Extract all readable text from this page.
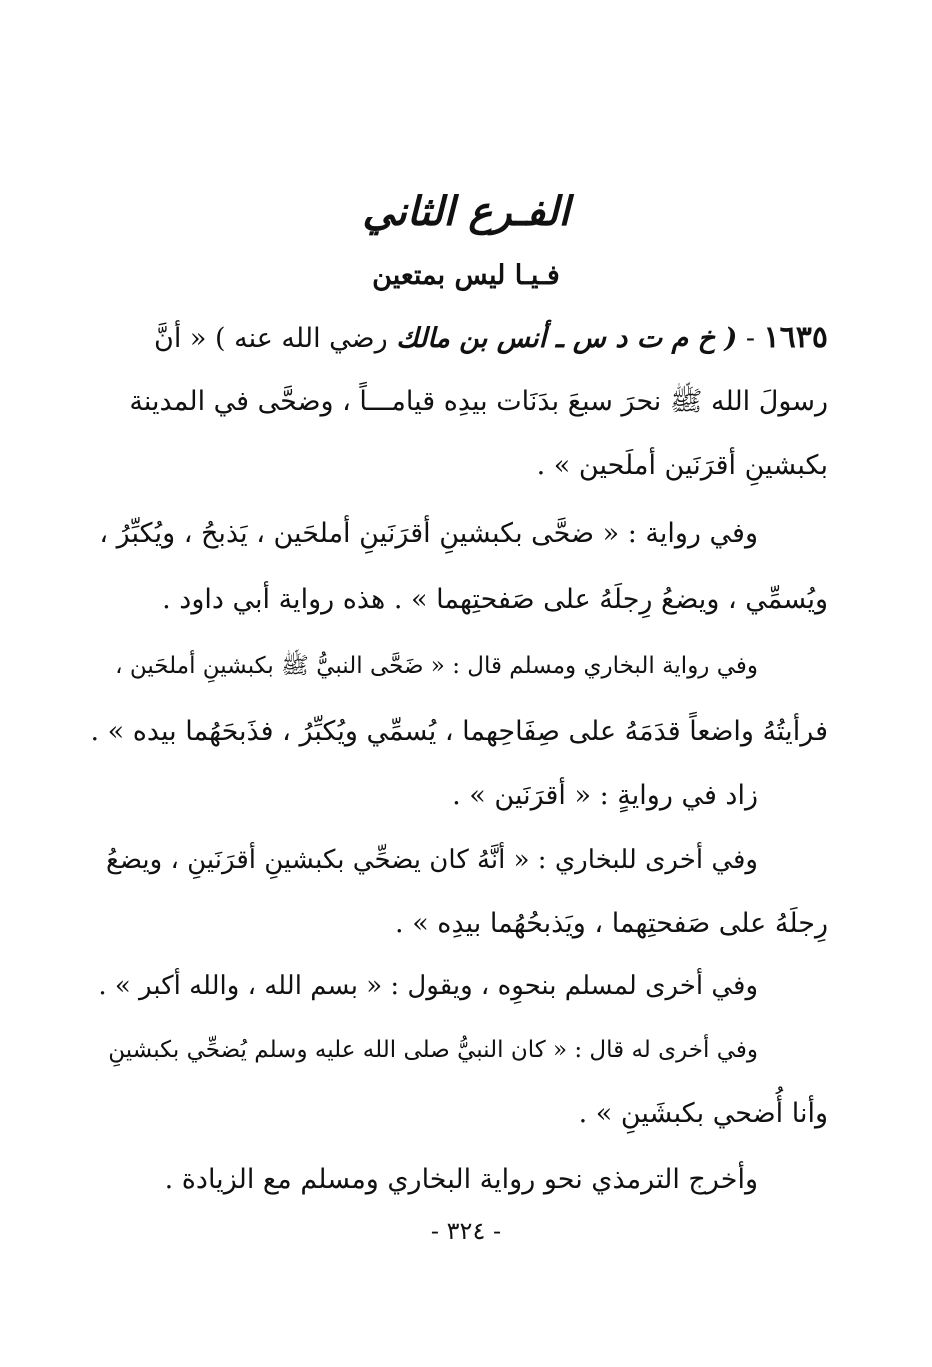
الفـرع الثاني
فـيـا ليس بمتعين
١٦٣٥ - ( خ م ت د س ـ أنس بن مالك رضي الله عنه ) « أنَّ
رسولَ الله ﷺ نحرَ سبعَ بدَنَات بيدِه قيامـــاً ، وضحَّى في المدينة
بكبشينِ أقرَنَين أملَحين » .
وفي رواية : « ضحَّى بكبشينِ أقرَنَينِ أملحَين ، يَذبحُ ، ويُكبِّرُ ،
ويُسمِّي ، ويضعُ رِجلَهُ على صَفحتِهما » . هذه رواية أبي داود .
وفي رواية البخاري ومسلم قال : « ضَحَّى النبيُّ ﷺ بكبشينِ أملحَين ،
فرأيتُهُ واضعاً قدَمَهُ على صِفَاحِهما ، يُسمِّي ويُكبِّرُ ، فذَبحَهُما بيده » .
زاد في روايةٍ : « أقرَنَين » .
وفي أخرى للبخاري : « أنَّهُ كان يضحِّي بكبشينِ أقرَنَينِ ، ويضعُ
رِجلَهُ على صَفحتِهما ، ويَذبحُهُما بيدِه » .
وفي أخرى لمسلم بنحوِه ، ويقول : « بسم الله ، والله أكبر » .
وفي أخرى له قال : « كان النبيُّ صلى الله عليه وسلم يُضحِّي بكبشينِ
وأنا أُضحي بكبشَينِ » .
وأخرج الترمذي نحو رواية البخاري ومسلم مع الزيادة .
- ٣٢٤ -
